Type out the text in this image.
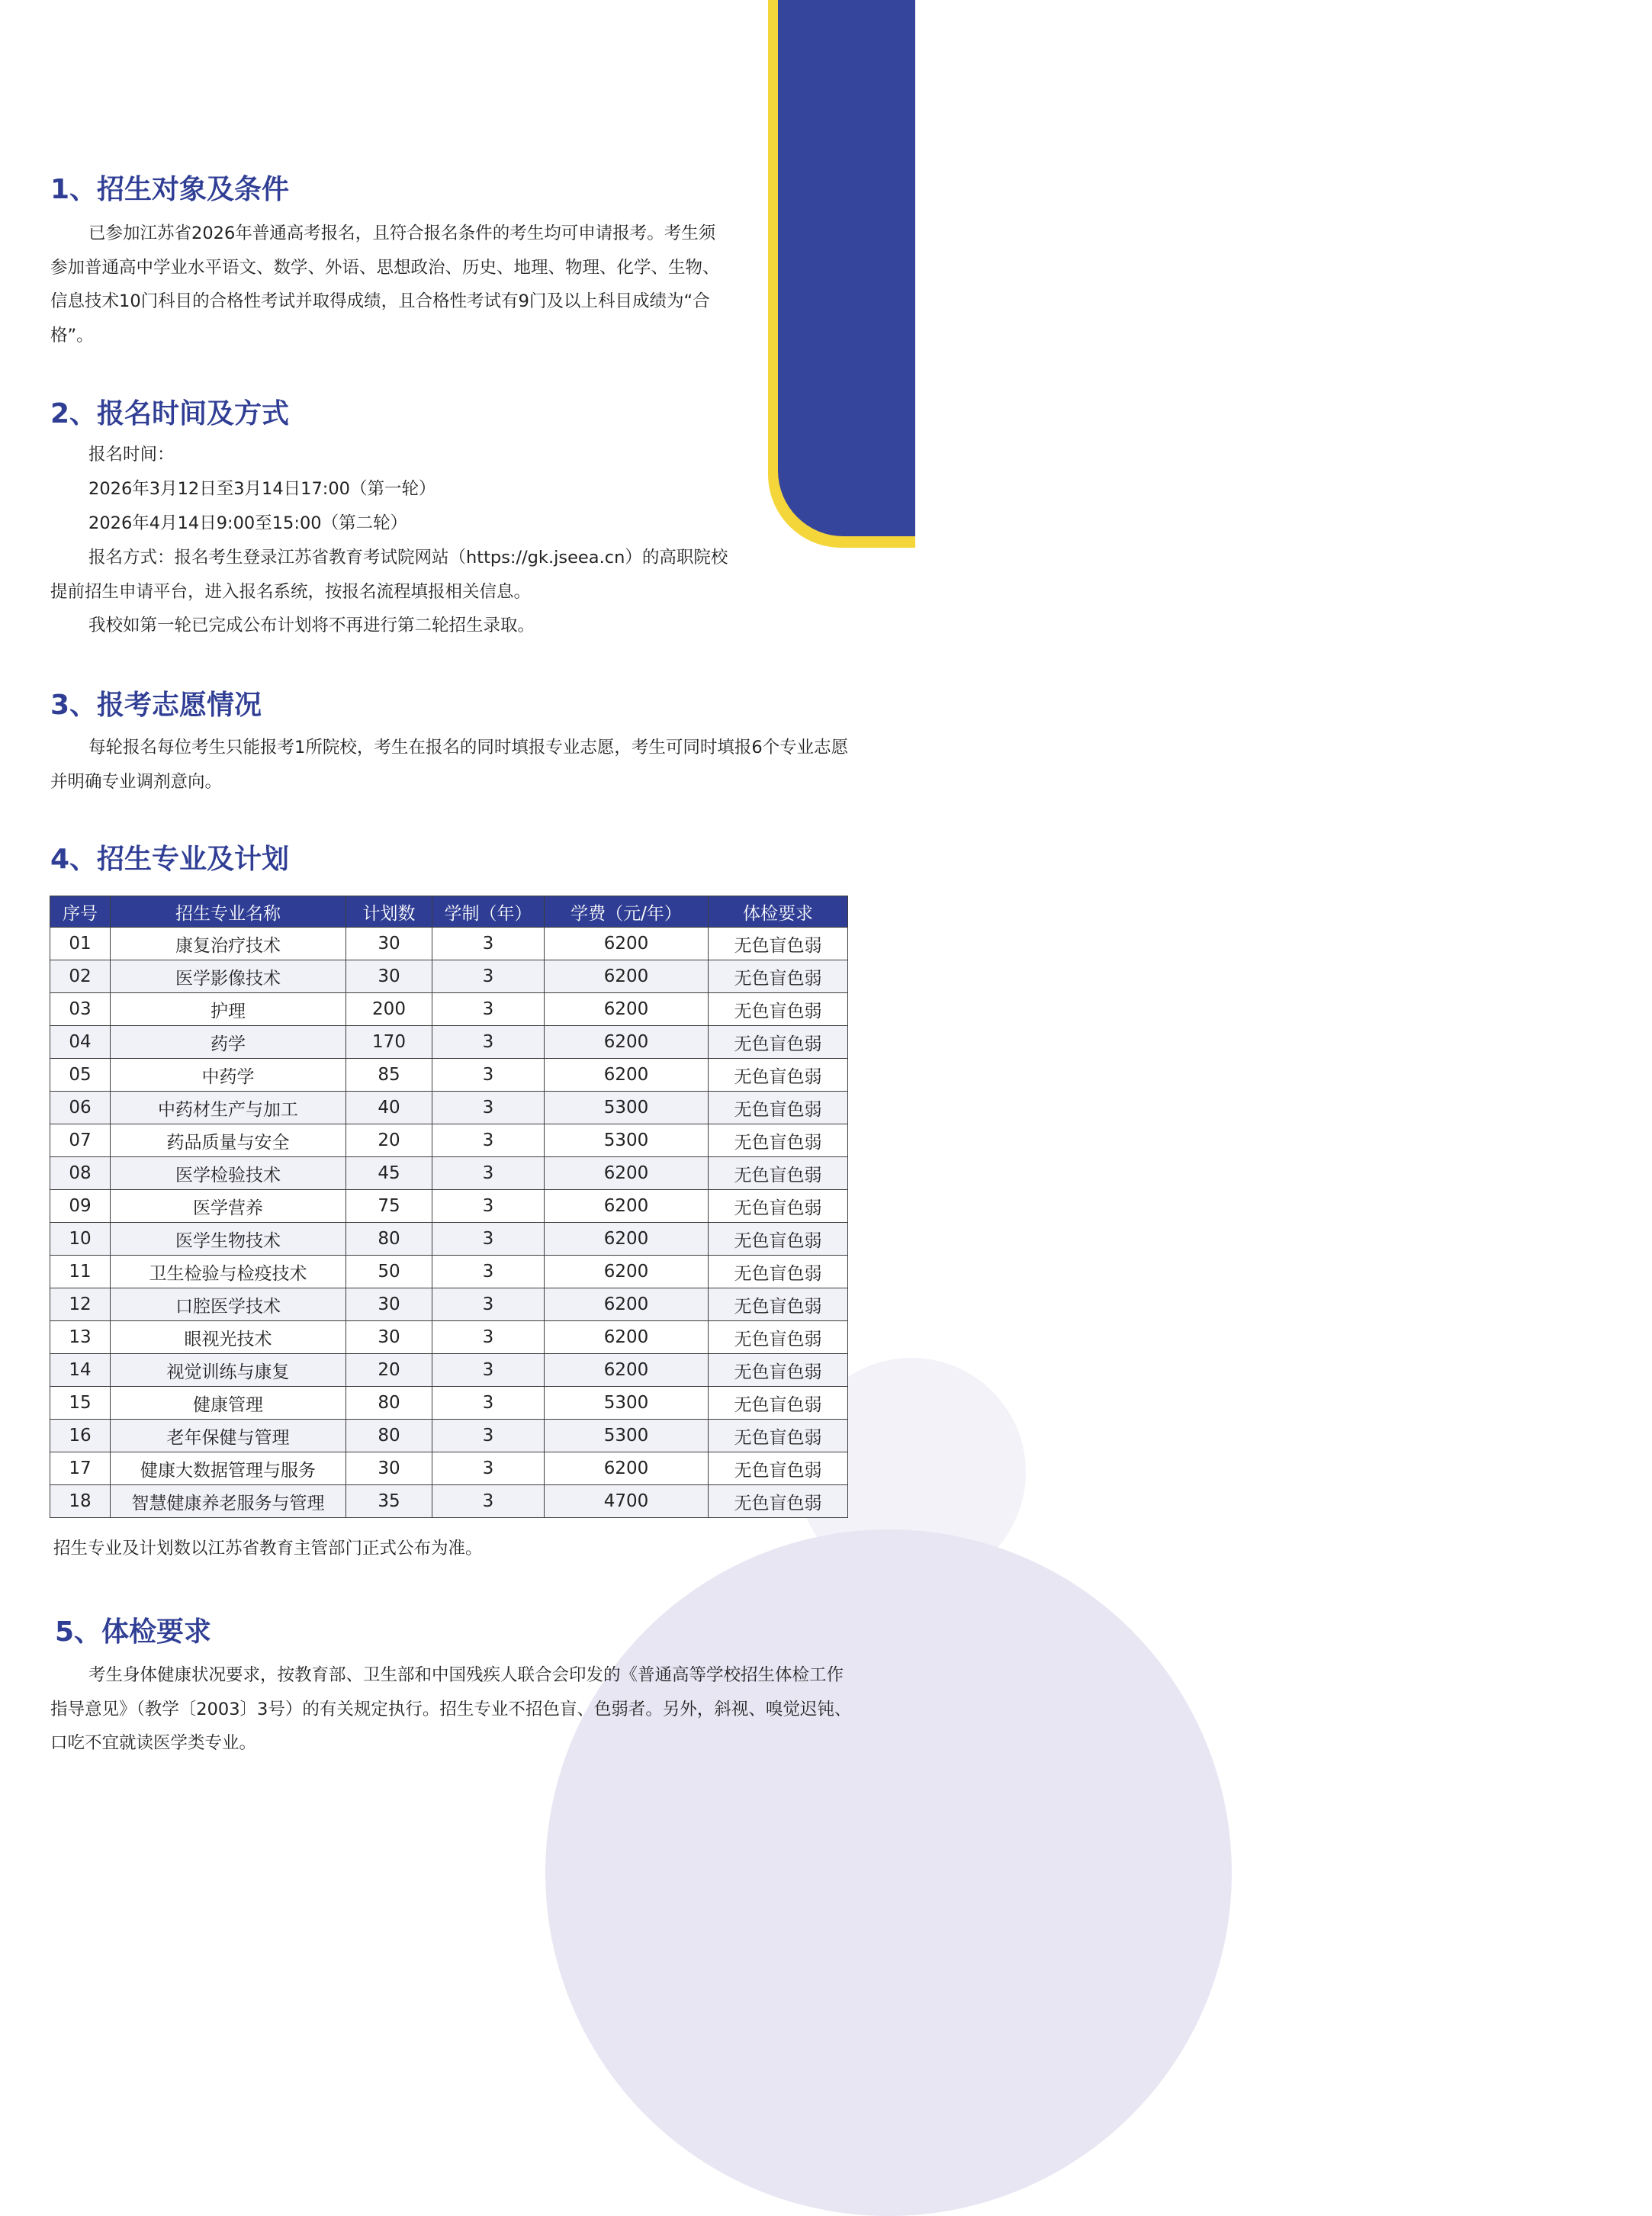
报
考
政
策
1、招生对象及条件

已参加江苏省2026年普通高考报名，且符合报名条件的考生均可申请报考。考生须参加普通高中学业水平语文、数学、外语、思想政治、历史、地理、物理、化学、生物、信息技术10门科目的合格性考试并取得成绩，且合格性考试有9门及以上科目成绩为“合格”。

2、报名时间及方式

报名时间：

2026年3月12日至3月14日17:00（第一轮）

2026年4月14日9:00至15:00（第二轮）

报名方式：报名考生登录江苏省教育考试院网站（https://gk.jseea.cn）的高职院校提前招生申请平台，进入报名系统，按报名流程填报相关信息。

我校如第一轮已完成公布计划将不再进行第二轮招生录取。

3、报考志愿情况

每轮报名每位考生只能报考1所院校，考生在报名的同时填报专业志愿，考生可同时填报6个专业志愿并明确专业调剂意向。

4、招生专业及计划
序号	招生专业名称	计划数	学制（年）	学费（元/年）	体检要求
01	康复治疗技术	30	3	6200	无色盲色弱
02	医学影像技术	30	3	6200	无色盲色弱
03	护理	200	3	6200	无色盲色弱
04	药学	170	3	6200	无色盲色弱
05	中药学	85	3	6200	无色盲色弱
06	中药材生产与加工	40	3	5300	无色盲色弱
07	药品质量与安全	20	3	5300	无色盲色弱
08	医学检验技术	45	3	6200	无色盲色弱
09	医学营养	75	3	6200	无色盲色弱
10	医学生物技术	80	3	6200	无色盲色弱
11	卫生检验与检疫技术	50	3	6200	无色盲色弱
12	口腔医学技术	30	3	6200	无色盲色弱
13	眼视光技术	30	3	6200	无色盲色弱
14	视觉训练与康复	20	3	6200	无色盲色弱
15	健康管理	80	3	5300	无色盲色弱
16	老年保健与管理	80	3	5300	无色盲色弱
17	健康大数据管理与服务	30	3	6200	无色盲色弱
18	智慧健康养老服务与管理	35	3	4700	无色盲色弱

招生专业及计划数以江苏省教育主管部门正式公布为准。

5、体检要求

考生身体健康状况要求，按教育部、卫生部和中国残疾人联合会印发的《普通高等学校招生体检工作指导意见》（教学〔2003〕3号）的有关规定执行。招生专业不招色盲、色弱者。另外，斜视、嗅觉迟钝、口吃不宜就读医学类专业。
